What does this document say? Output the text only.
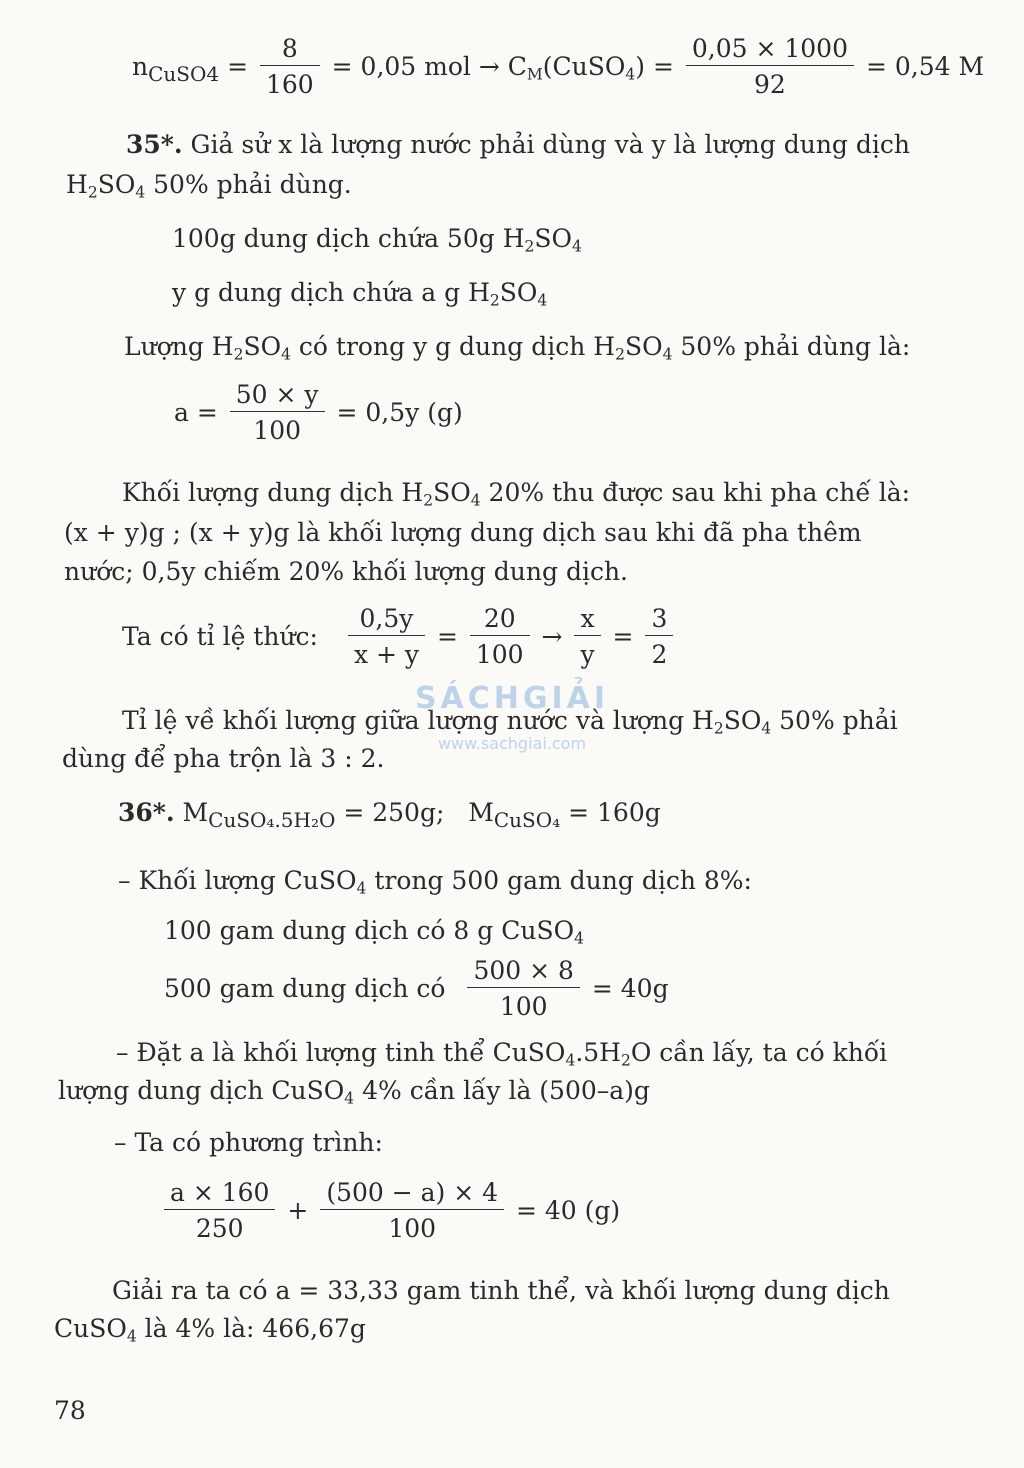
$n_{CuSO4} = \frac{8}{160} = 0,05$ mol → $C_M(CuSO_4) = \frac{0,05 \times 1000}{92} = 0,54$ M
35*. Giả sử x là lượng nước phải dùng và y là lượng dung dịch
$H_2SO_4$ 50% phải dùng.
100g dung dịch chứa 50g $H_2SO_4$
y g dung dịch chứa a g $H_2SO_4$
Lượng $H_2SO_4$ có trong y g dung dịch $H_2SO_4$ 50% phải dùng là:
$a = \frac{50 \times y}{100} = 0,5y$ (g)
Khối lượng dung dịch $H_2SO_4$ 20% thu được sau khi pha chế là:
(x + y)g ; (x + y)g là khối lượng dung dịch sau khi đã pha thêm
nước; 0,5y chiếm 20% khối lượng dung dịch.
Ta có tỉ lệ thức: $\frac{0,5y}{x + y} = \frac{20}{100} \to \frac{x}{y} = \frac{3}{2}$
Tỉ lệ về khối lượng giữa lượng nước và lượng $H_2SO_4$ 50% phải
dùng để pha trộn là 3 : 2.
SÁCHGIẢI
www.sachgiai.com
36*. $M_{CuSO_4.5H_2O} = 250g$; $M_{CuSO_4} = 160g$
– Khối lượng CuSO$_4$ trong 500 gam dung dịch 8%:
100 gam dung dịch có 8 g CuSO$_4$
500 gam dung dịch có $\frac{500 \times 8}{100} = 40g$
– Đặt a là khối lượng tinh thể $CuSO_4.5H_2O$ cần lấy, ta có khối
lượng dung dịch CuSO$_4$ 4% cần lấy là (500–a)g
– Ta có phương trình:
$\frac{a \times 160}{250} + \frac{(500 - a) \times 4}{100} = 40$ (g)
Giải ra ta có a = 33,33 gam tinh thể, và khối lượng dung dịch
CuSO$_4$ là 4% là: 466,67g
78
